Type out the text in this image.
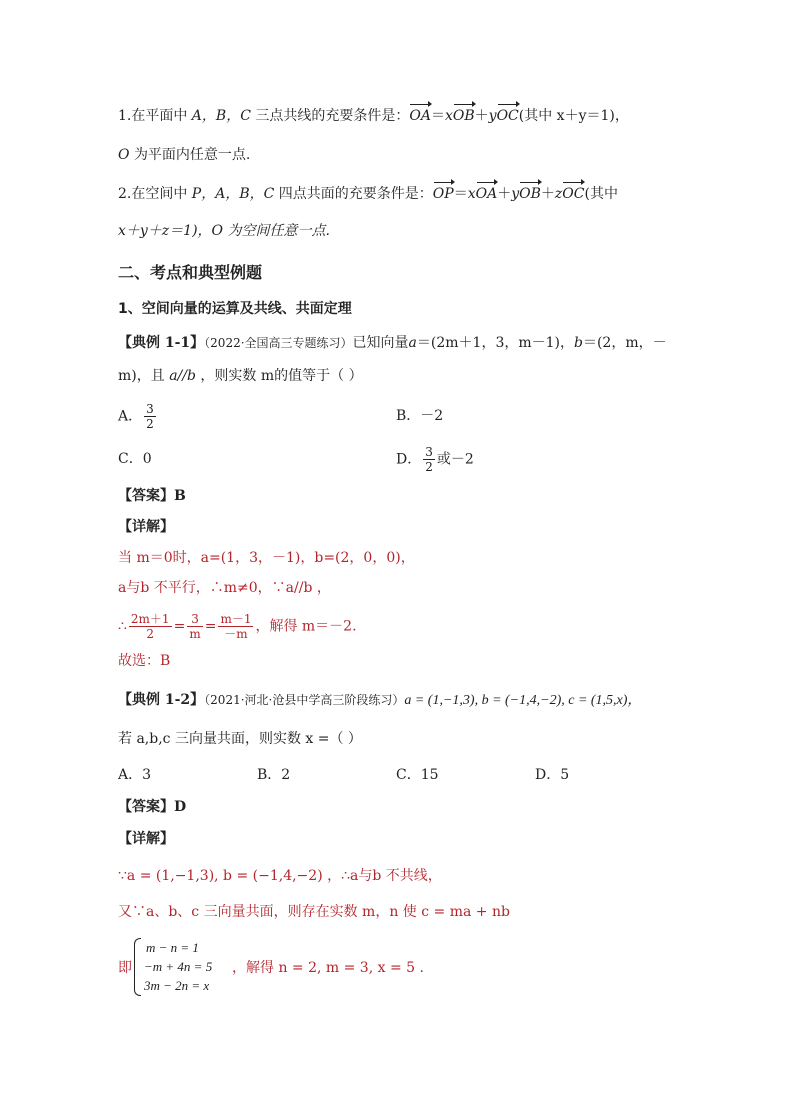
1.在平面中 A，B，C 三点共线的充要条件是：OA＝xOB＋yOC(其中 x＋y＝1)，
O 为平面内任意一点.
2.在空间中 P，A，B，C 四点共面的充要条件是：OP＝xOA＋yOB＋zOC(其中
x＋y＋z＝1)，O 为空间任意一点.
二、考点和典型例题
1、空间向量的运算及共线、共面定理
【典例 1-1】（2022·全国高三专题练习）已知向量a＝(2m＋1，3，m－1)，b＝(2，m，－
m)，且 a//b ，则实数 m的值等于（ ）
A． $\frac{3}{2}$	B．－2
C．0	D． $\frac{3}{2}$ 或－2
【答案】B
【详解】
当 m＝0时，a=(1，3，－1)，b=(2，0，0)，
a与b 不平行，∴m≠0，∵a//b ，
∴ $\frac{2m+1}{2} = \frac{3}{m} = \frac{m-1}{-m}$ ，解得 m＝－2.
故选：B
【典例 1-2】（2021·河北·沧县中学高三阶段练习）a = (1,−1,3), b = (−1,4,−2), c = (1,5,x)，
若 a,b,c 三向量共面，则实数 x =（ ）
A．3	B．2	C．15	D．5
【答案】D
【详解】
∵a = (1,−1,3), b = (−1,4,−2) ，∴a与b 不共线，
又∵a、b、c 三向量共面，则存在实数 m，n 使 c = ma + nb
即
m − n = 1
−m + 4n = 5
3m − 2n = x
，解得 n = 2, m = 3, x = 5 .
